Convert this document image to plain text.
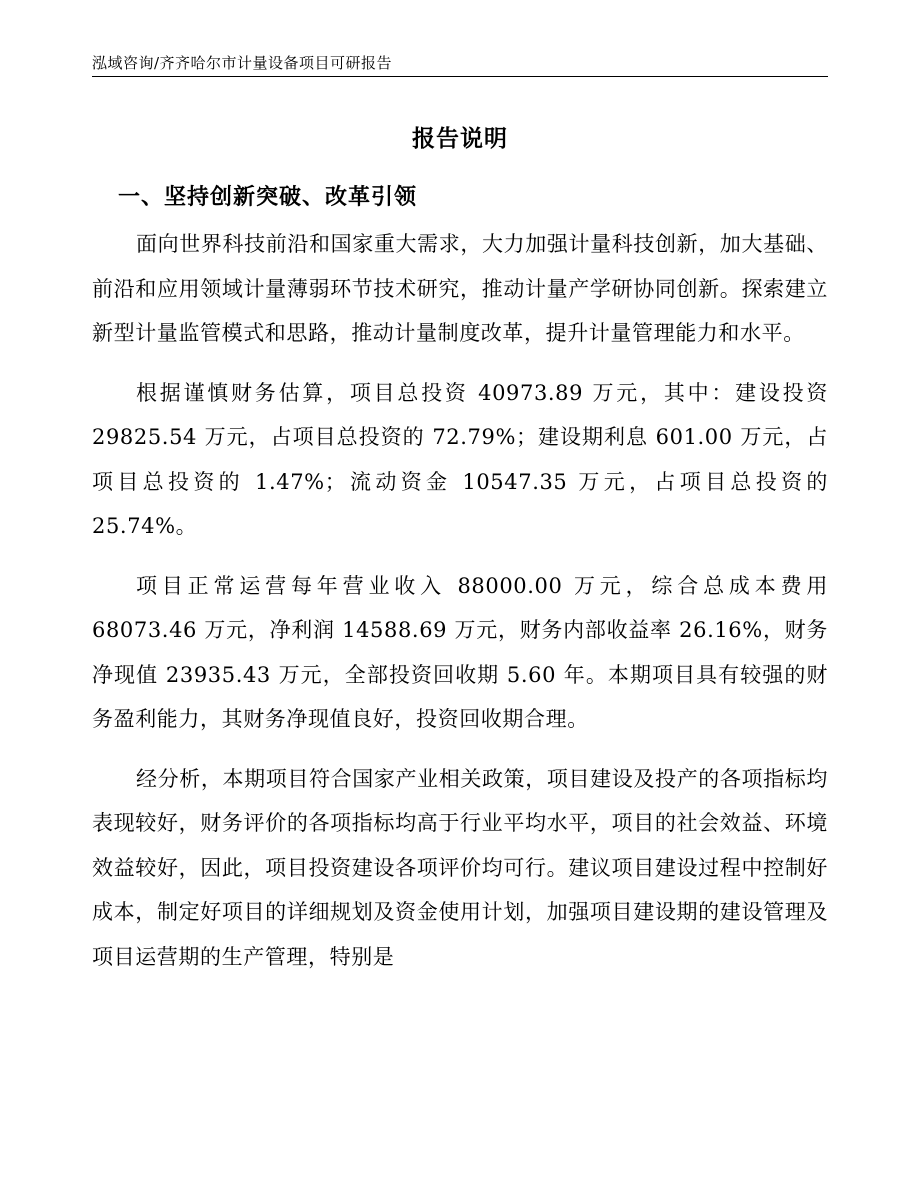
泓域咨询/齐齐哈尔市计量设备项目可研报告
报告说明
一、坚持创新突破、改革引领

面向世界科技前沿和国家重大需求，大力加强计量科技创新，加大基础、前沿和应用领域计量薄弱环节技术研究，推动计量产学研协同创新。探索建立新型计量监管模式和思路，推动计量制度改革，提升计量管理能力和水平。

根据谨慎财务估算，项目总投资 40973.89 万元，其中：建设投资 29825.54 万元，占项目总投资的 72.79%；建设期利息 601.00 万元，占项目总投资的 1.47%；流动资金 10547.35 万元，占项目总投资的 25.74%。

项目正常运营每年营业收入 88000.00 万元，综合总成本费用 68073.46 万元，净利润 14588.69 万元，财务内部收益率 26.16%，财务净现值 23935.43 万元，全部投资回收期 5.60 年。本期项目具有较强的财务盈利能力，其财务净现值良好，投资回收期合理。

经分析，本期项目符合国家产业相关政策，项目建设及投产的各项指标均表现较好，财务评价的各项指标均高于行业平均水平，项目的社会效益、环境效益较好，因此，项目投资建设各项评价均可行。建议项目建设过程中控制好成本，制定好项目的详细规划及资金使用计划，加强项目建设期的建设管理及项目运营期的生产管理，特别是
